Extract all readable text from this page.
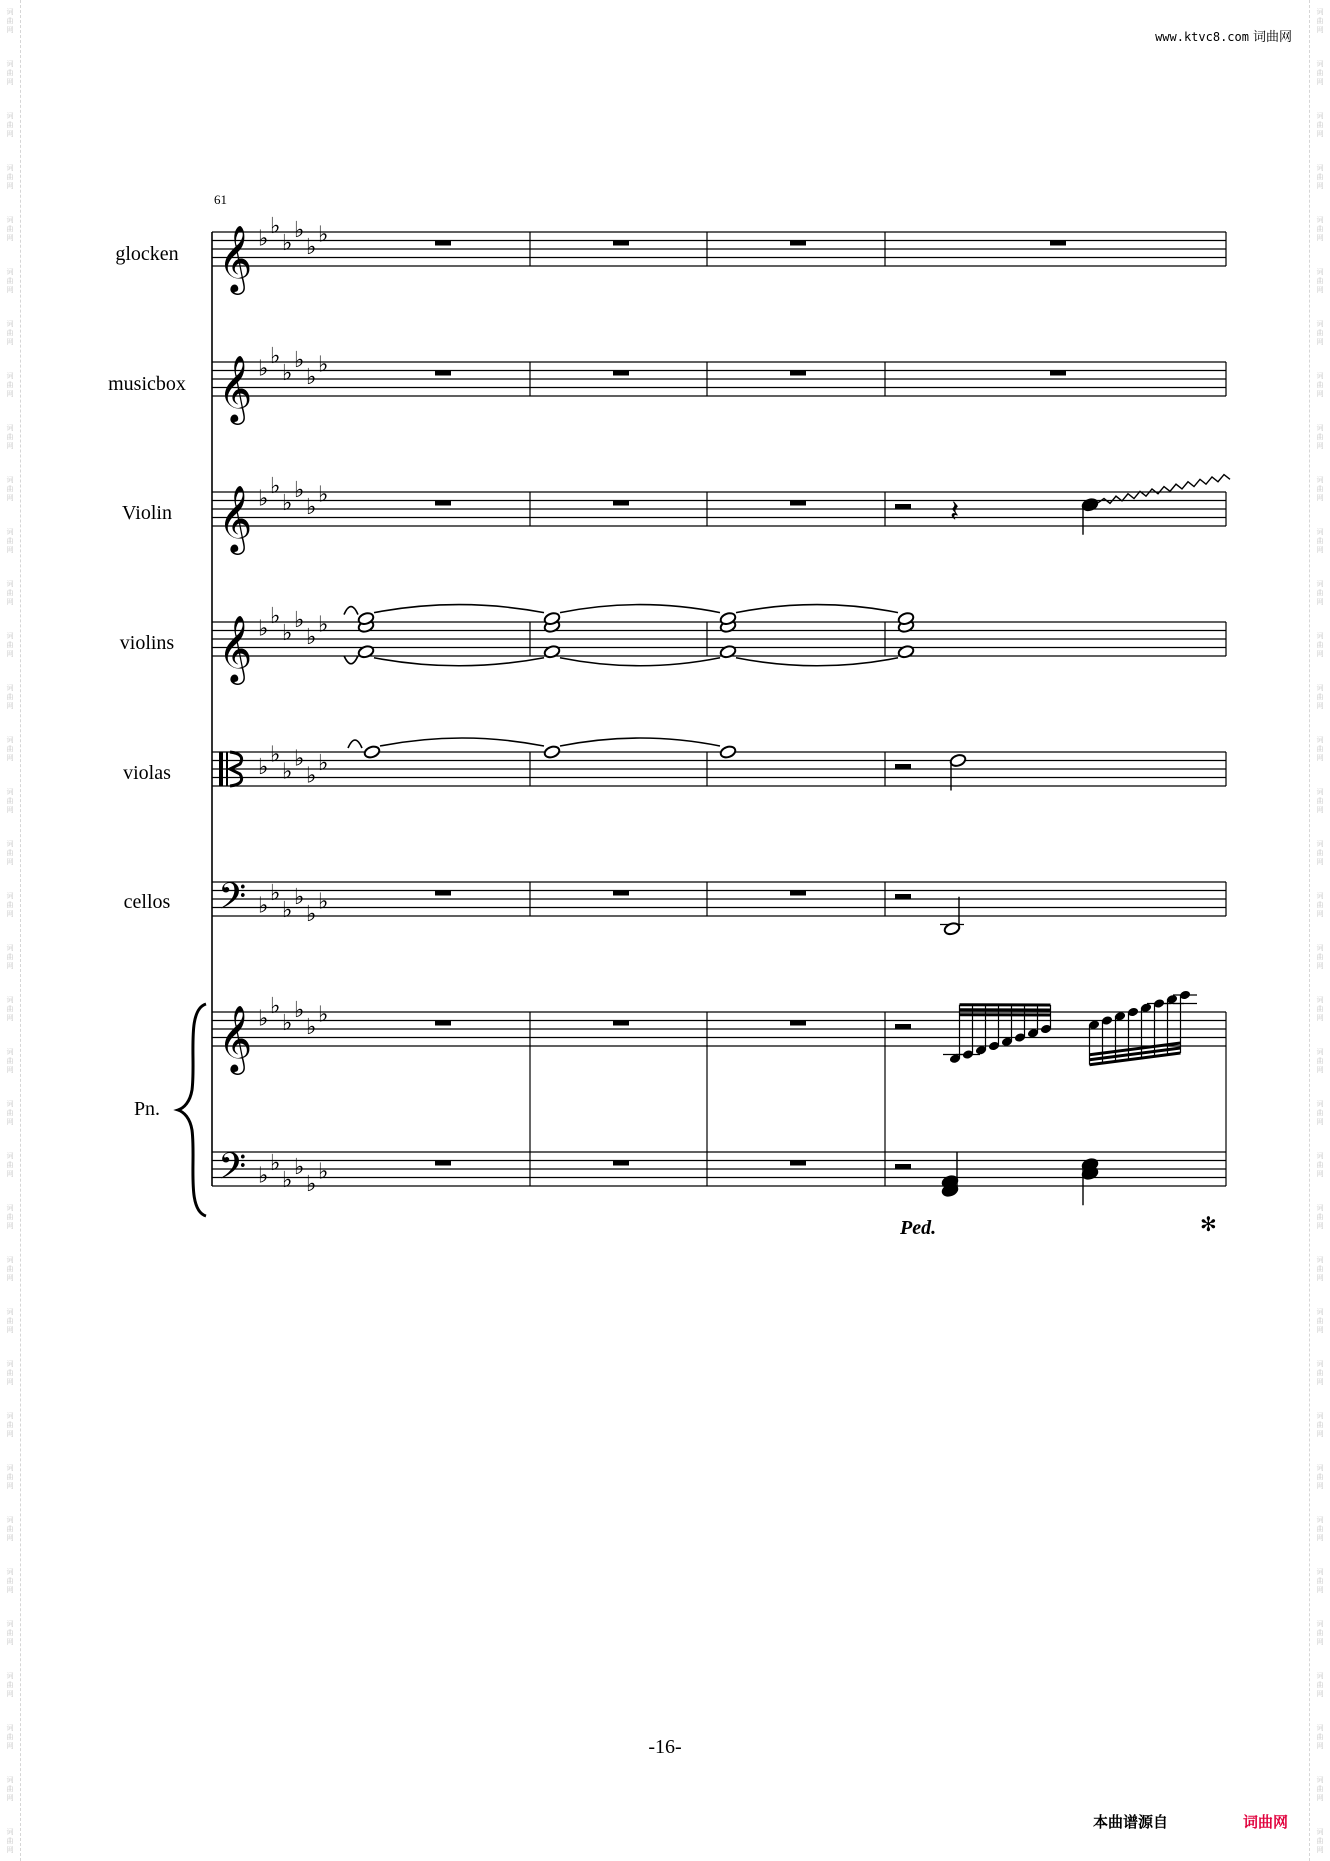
词
曲
网
词
曲
网
词
曲
网
词
曲
网
词
曲
网
词
曲
网
词
曲
网
词
曲
网
词
曲
网
词
曲
网
词
曲
网
词
曲
网
词
曲
网
词
曲
网
词
曲
网
词
曲
网
词
曲
网
词
曲
网
词
曲
网
词
曲
网
词
曲
网
词
曲
网
词
曲
网
词
曲
网
词
曲
网
词
曲
网
词
曲
网
词
曲
网
词
曲
网
词
曲
网
词
曲
网
词
曲
网
词
曲
网
词
曲
网
词
曲
网
词
曲
网
词
曲
网
词
曲
网
词
曲
网
词
曲
网
词
曲
网
词
曲
网
词
曲
网
词
曲
网
词
曲
网
词
曲
网
词
曲
网
词
曲
网
词
曲
网
词
曲
网
词
曲
网
词
曲
网
词
曲
网
词
曲
网
词
曲
网
词
曲
网
词
曲
网
词
曲
网
词
曲
网
词
曲
网
词
曲
网
词
曲
网
词
曲
网
词
曲
网
词
曲
网
词
曲
网
词
曲
网
词
曲
网
词
曲
网
词
曲
网
词
曲
网
词
曲
网
www.ktvc8.com 词曲网
61
glocken
musicbox
Violin
violins
violas
cellos
Pn.
Ped.	✻
-16-
本曲谱源自	词曲网
𝄞
𝄞
𝄞
𝄞
𝄢
𝄞
𝄢
♭
♭
♭
♭
♭
♭
♭
♭
♭
♭
♭
♭
♭
♭
♭
♭
♭
♭
♭
♭
♭
♭
♭
♭
♭
♭
♭
♭
♭
♭
♭
♭
♭
♭
♭
♭
♭
♭
♭
♭
♭
♭
♭
♭
♭
♭
♭
♭
𝄽
